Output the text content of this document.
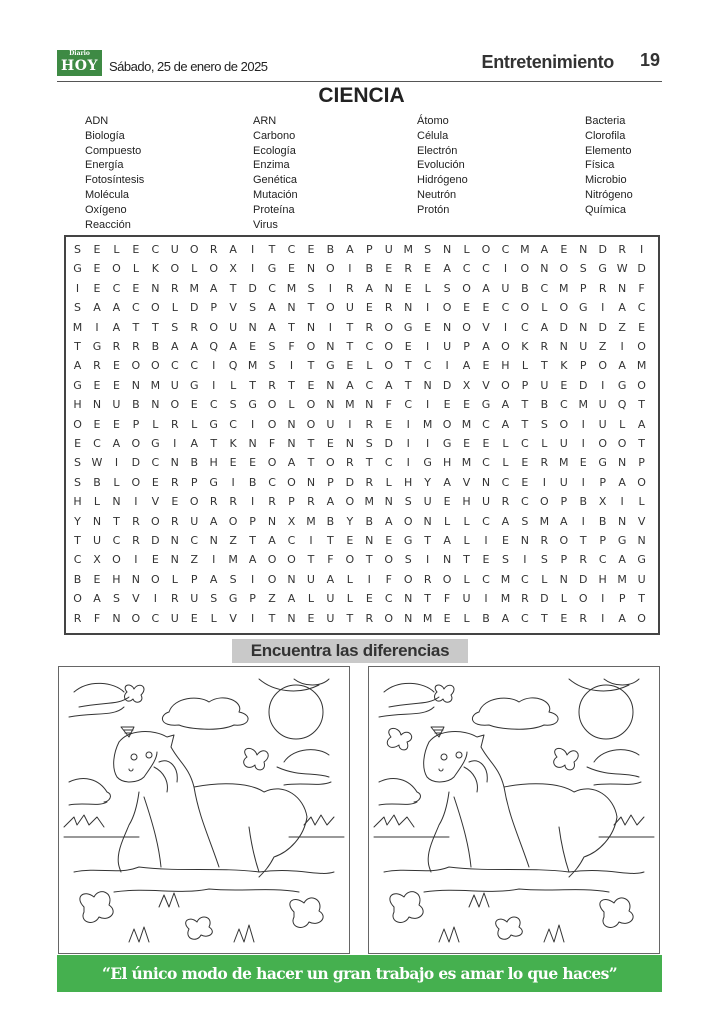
Diario
HOY Sábado, 25 de enero de 2025	Entretenimiento 19
CIENCIA
ADN
Biología
Compuesto
Energía
Fotosíntesis
Molécula
Oxígeno
Reacción
ARN
Carbono
Ecología
Enzima
Genética
Mutación
Proteína
Virus
Átomo
Célula
Electrón
Evolución
Hidrógeno
Neutrón
Protón
Bacteria
Clorofila
Elemento
Física
Microbio
Nitrógeno
Química
S	E	L	E	C	U	O	R	A	I	T	C	E	B	A	P	U M	S	N	L	O	C M A	E	N	D	R	I
G	E	O	L	K	O	L	O	X	I	G	E	N	O	I	B	E	R	E	A	C	C	I	O	N	O	S	G W D
I	E	C	E	N	R M A	T	D	C M	S	I	R	A	N	E	L	S	O	A	U	B	C M	P	R	N	F
S	A	A	C	O	L	D	P	V	S	A	N	T	O	U	E	R	N	I	O	E	E	C	O	L	O G	I	A	C
M	I	A	T	T	S	R	O	U	N	A	T	N	I	T	R	O G	E	N	O	V	I	C	A	D	N	D	Z	E
T	G	R	R	B	A	A	Q	A	E	S	F	O	N	T	C	O	E	I	U	P	A	O	K	R	N	U	Z	I	O
A	R	E	O O	C	C	I	Q M	S	I	T	G	E	L	O	T	C	I	A	E	H	L	T	K	P	O	A M
G	E	E	N M U	G	I	L	T	R	T	E	N	A	C	A	T	N	D	X	V	O	P	U	E	D	I	G O
H	N	U	B	N	O	E	C	S	G O	L	O	N M N	F	C	I	E	E	G	A	T	B	C M U	Q	T
O	E	E	P	L	R	L	G	C	I	O N	O	U	I	R	E	I	M O M C	A	T	S	O	I	U	L	A
E	C	A	O G	I	A	T	K	N	F	N	T	E	N	S	D	I	I	G	E	E	L	C	L	U	I	O O	T
S W	I	D	C	N	B	H	E	E	O	A	T	O	R	T	C	I	G	H M C	L	E	R M	E	G	N	P
S	B	L	O	E	R	P	G	I	B	C	O	N	P	D	R	L	H	Y	A	V	N	C	E	I	U	I	P	A	O
H	L	N	I	V	E	O	R	R	I	R	P	R	A	O M N	S	U	E	H	U	R	C	O	P	B	X	I	L
Y	N	T	R	O	R	U	A	O	P	N	X M B	Y	B	A	O	N	L	L	C	A	S	M A	I	B	N	V
T	U	C	R	D	N	C	N	Z	T	A	C	I	T	E	N	E	G	T	A	L	I	E	N	R	O	T	P	G	N
C	X	O	I	E	N	Z	I	M A	O O	T	F	O	T	O	S	I	N	T	E	S	I	S	P	R	C	A	G
B	E	H	N	O	L	P	A	S	I	O N	U	A	L	I	F	O	R	O	L	C M C	L	N	D	H M U
O	A	S	V	I	R	U	S	G	P	Z	A	L	U	L	E	C	N	T	F	U	I	M R	D	L	O	I	P	T
R	F	N	O	C	U	E	L	V	I	T	N	E	U	T	R	O	N M	E	L	B	A	C	T	E	R	I	A	O
Encuentra las diferencias
“El único modo de hacer un gran trabajo es amar lo que haces”
